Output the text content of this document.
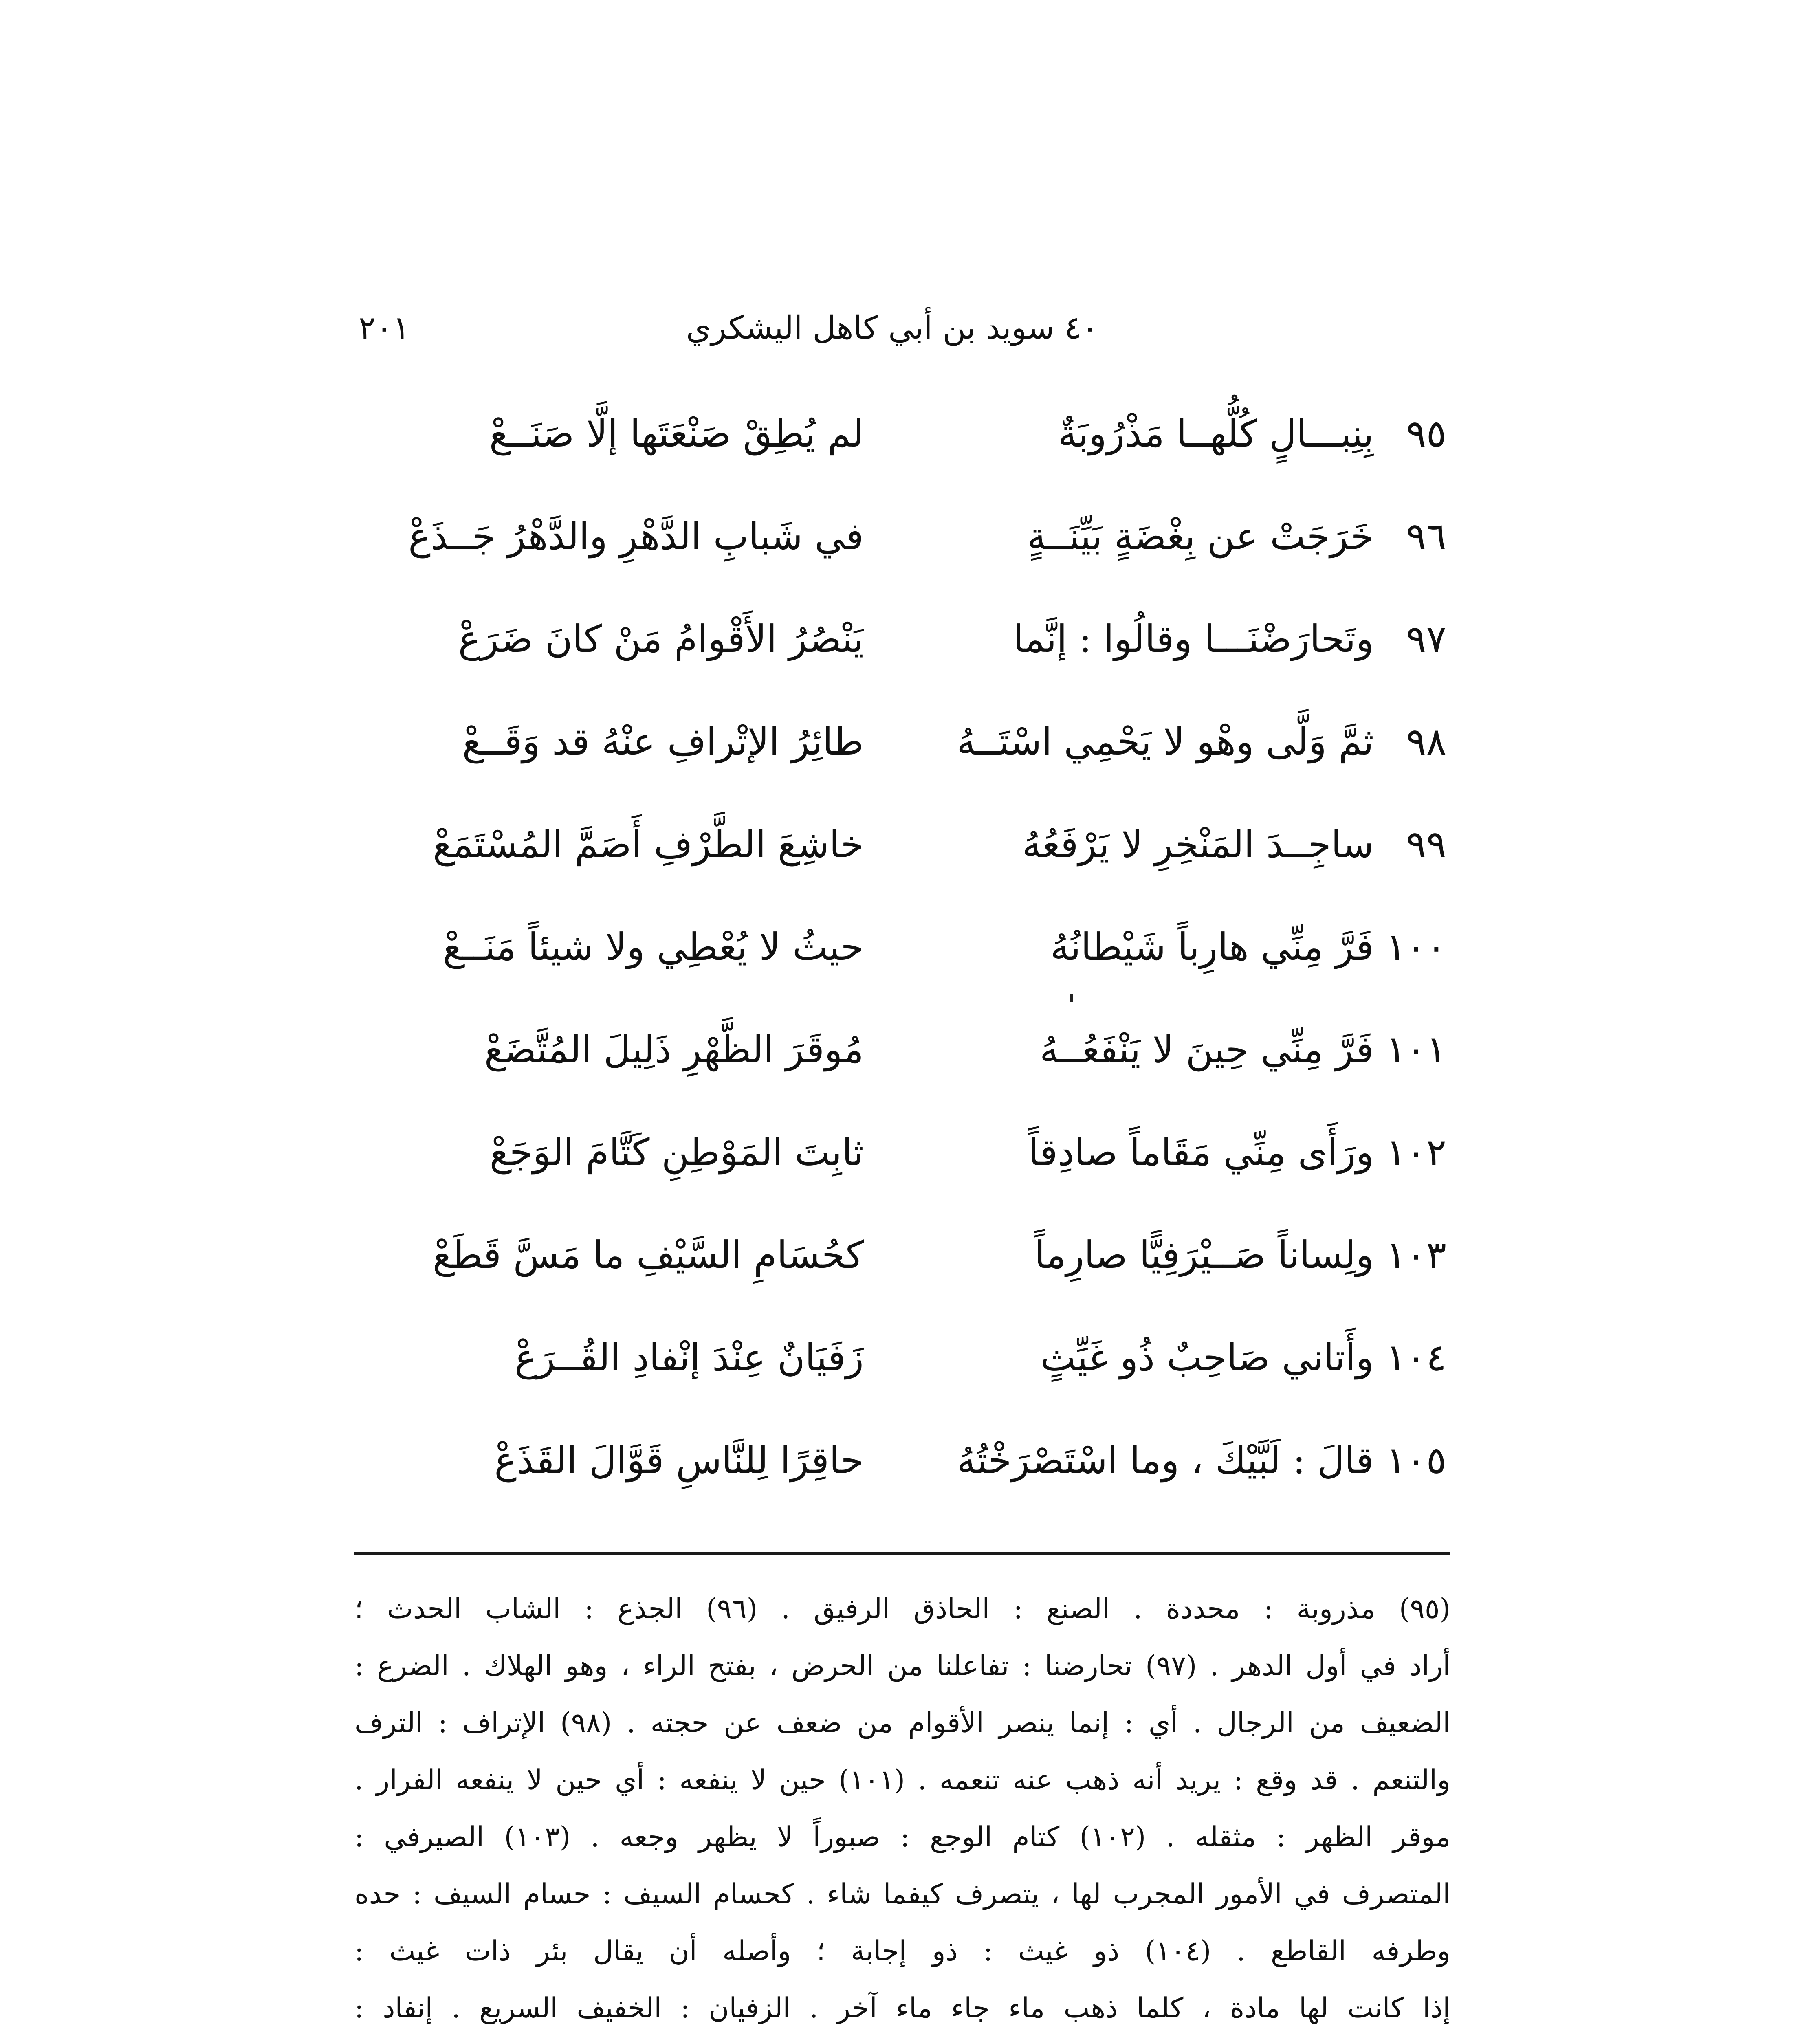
٤٠ سويد بن أبي كاهل اليشكري
٢٠١
٩٥بِنِبـــالٍ كُلُّهــا مَذْرُوبَةٌ
لم يُطِقْ صَنْعَتَها إلَّا صَنَــعْ
٩٦خَرَجَتْ عن بِغْضَةٍ بَيِّنَــةٍ
في شَبابِ الدَّهْرِ والدَّهْرُ جَــذَعْ
٩٧وتَحارَضْنَـــا وقالُوا : إنَّما
يَنْصُرُ الأَقْوامُ مَنْ كانَ ضَرَعْ
٩٨ثمَّ وَلَّى وهْو لا يَحْمِي اسْتَــهُ
طائِرُ الإتْرافِ عنْهُ قد وَقَــعْ
٩٩ساجِــدَ المَنْخِرِ لا يَرْفَعُهُ
خاشِعَ الطَّرْفِ أَصَمَّ المُسْتَمَعْ
١٠٠فَرَّ مِنِّي هارِباً شَيْطانُهُ
حيثُ لا يُعْطِي ولا شيئاً مَنَــعْ
١٠١فَرَّ مِنِّي حِينَ لا يَنْفَعُــهُ
مُوقَرَ الظَّهْرِ ذَلِيلَ المُتَّضَعْ
١٠٢ورَأَى مِنِّي مَقَاماً صادِقاً
ثابِتَ المَوْطِنِ كَتَّامَ الوَجَعْ
١٠٣ولِساناً صَــيْرَفِيًّا صارِماً
كحُسَامِ السَّيْفِ ما مَسَّ قَطَعْ
١٠٤وأَتاني صَاحِبٌ ذُو غَيِّثٍ
زَفَيَانٌ عِنْدَ إنْفادِ القُــرَعْ
١٠٥قالَ : لَبَّيْكَ ، وما اسْتَصْرَخْتُهُ
حاقِرًا لِلنَّاسِ قَوَّالَ القَذَعْ
(٩٥) مذروبة : محددة . الصنع : الحاذق الرفيق . (٩٦) الجذع : الشاب الحدث ؛
أراد في أول الدهر . (٩٧) تحارضنا : تفاعلنا من الحرض ، بفتح الراء ، وهو الهلاك . الضرع :
الضعيف من الرجال . أي : إنما ينصر الأقوام من ضعف عن حجته . (٩٨) الإتراف : الترف
والتنعم . قد وقع : يريد أنه ذهب عنه تنعمه . (١٠١) حين لا ينفعه : أي حين لا ينفعه الفرار .
موقر الظهر : مثقله . (١٠٢) كتام الوجع : صبوراً لا يظهر وجعه . (١٠٣) الصيرفي :
المتصرف في الأمور المجرب لها ، يتصرف كيفما شاء . كحسام السيف : حسام السيف : حده
وطرفه القاطع . (١٠٤) ذو غيث : ذو إجابة ؛ وأصله أن يقال بئر ذات غيث :
إذا كانت لها مادة ، كلما ذهب ماء جاء ماء آخر . الزفيان : الخفيف السريع . إنفاد :
